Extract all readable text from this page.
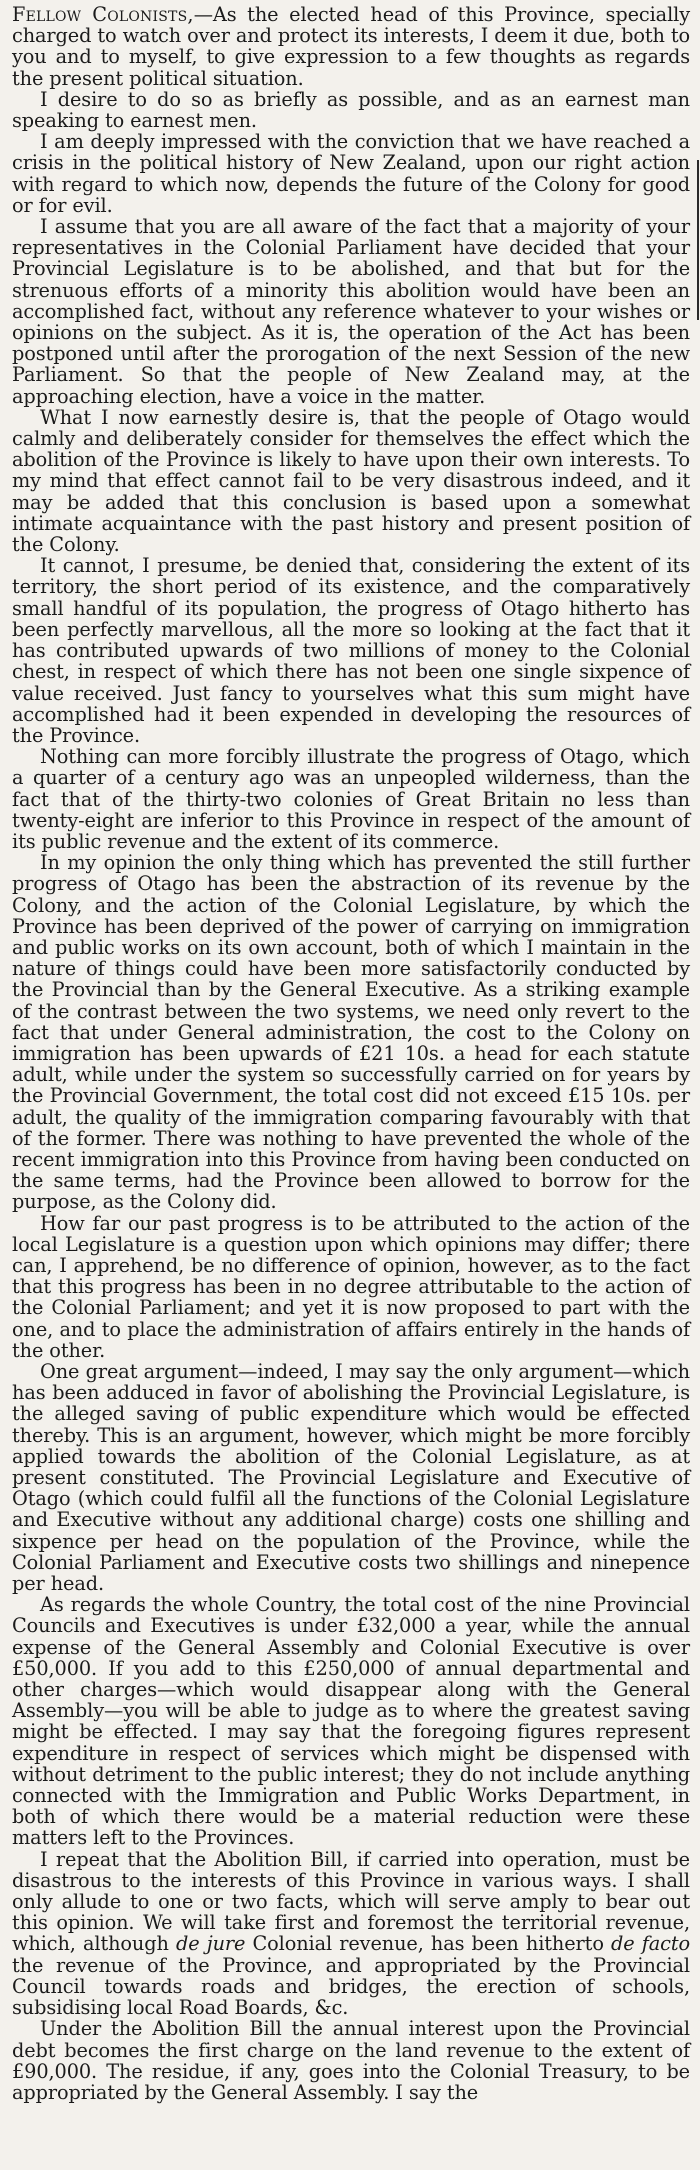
Fellow Colonists,—As the elected head of this Province, specially charged to watch over and protect its interests, I deem it due, both to you and to myself, to give expression to a few thoughts as regards the present political situation.

I desire to do so as briefly as possible, and as an earnest man speaking to earnest men.

I am deeply impressed with the conviction that we have reached a crisis in the political history of New Zealand, upon our right action with regard to which now, depends the future of the Colony for good or for evil.

I assume that you are all aware of the fact that a majority of your representatives in the Colonial Parliament have decided that your Provincial Legislature is to be abolished, and that but for the strenuous efforts of a minority this abolition would have been an accomplished fact, without any reference whatever to your wishes or opinions on the subject. As it is, the operation of the Act has been postponed until after the prorogation of the next Session of the new Parliament. So that the people of New Zealand may, at the approaching election, have a voice in the matter.

What I now earnestly desire is, that the people of Otago would calmly and deliberately consider for themselves the effect which the abolition of the Province is likely to have upon their own interests. To my mind that effect cannot fail to be very disastrous indeed, and it may be added that this conclusion is based upon a somewhat intimate acquaintance with the past history and present position of the Colony.

It cannot, I presume, be denied that, considering the extent of its territory, the short period of its existence, and the comparatively small handful of its population, the progress of Otago hitherto has been perfectly marvellous, all the more so looking at the fact that it has contributed upwards of two millions of money to the Colonial chest, in respect of which there has not been one single sixpence of value received. Just fancy to yourselves what this sum might have accomplished had it been expended in developing the resources of the Province.

Nothing can more forcibly illustrate the progress of Otago, which a quarter of a century ago was an unpeopled wilderness, than the fact that of the thirty-two colonies of Great Britain no less than twenty-eight are inferior to this Province in respect of the amount of its public revenue and the extent of its commerce.

In my opinion the only thing which has prevented the still further progress of Otago has been the abstraction of its revenue by the Colony, and the action of the Colonial Legislature, by which the Province has been deprived of the power of carrying on immigration and public works on its own account, both of which I maintain in the nature of things could have been more satisfactorily conducted by the Provincial than by the General Executive. As a striking example of the contrast between the two systems, we need only revert to the fact that under General administration, the cost to the Colony on immigration has been upwards of £21 10s. a head for each statute adult, while under the system so successfully carried on for years by the Provincial Government, the total cost did not exceed £15 10s. per adult, the quality of the immigration comparing favourably with that of the former. There was nothing to have prevented the whole of the recent immigration into this Province from having been conducted on the same terms, had the Province been allowed to borrow for the purpose, as the Colony did.

How far our past progress is to be attributed to the action of the local Legislature is a question upon which opinions may differ; there can, I apprehend, be no difference of opinion, however, as to the fact that this progress has been in no degree attributable to the action of the Colonial Parliament; and yet it is now proposed to part with the one, and to place the administration of affairs entirely in the hands of the other.

One great argument—indeed, I may say the only argument—which has been adduced in favor of abolishing the Provincial Legislature, is the alleged saving of public expenditure which would be effected thereby. This is an argument, however, which might be more forcibly applied towards the abolition of the Colonial Legislature, as at present constituted. The Provincial Legislature and Executive of Otago (which could fulfil all the functions of the Colonial Legislature and Executive without any additional charge) costs one shilling and sixpence per head on the population of the Province, while the Colonial Parliament and Executive costs two shillings and ninepence per head.

As regards the whole Country, the total cost of the nine Provincial Councils and Executives is under £32,000 a year, while the annual expense of the General Assembly and Colonial Executive is over £50,000. If you add to this £250,000 of annual departmental and other charges—which would disappear along with the General Assembly—you will be able to judge as to where the greatest saving might be effected. I may say that the foregoing figures represent expenditure in respect of services which might be dispensed with without detriment to the public interest; they do not include anything connected with the Immigration and Public Works Department, in both of which there would be a material reduction were these matters left to the Provinces.

I repeat that the Abolition Bill, if carried into operation, must be disastrous to the interests of this Province in various ways. I shall only allude to one or two facts, which will serve amply to bear out this opinion. We will take first and foremost the territorial revenue, which, although de jure Colonial revenue, has been hitherto de facto the revenue of the Province, and appropriated by the Provincial Council towards roads and bridges, the erection of schools, subsidising local Road Boards, &c.

Under the Abolition Bill the annual interest upon the Provincial debt becomes the first charge on the land revenue to the extent of £90,000. The residue, if any, goes into the Colonial Treasury, to be appropriated by the General Assembly. I say the
